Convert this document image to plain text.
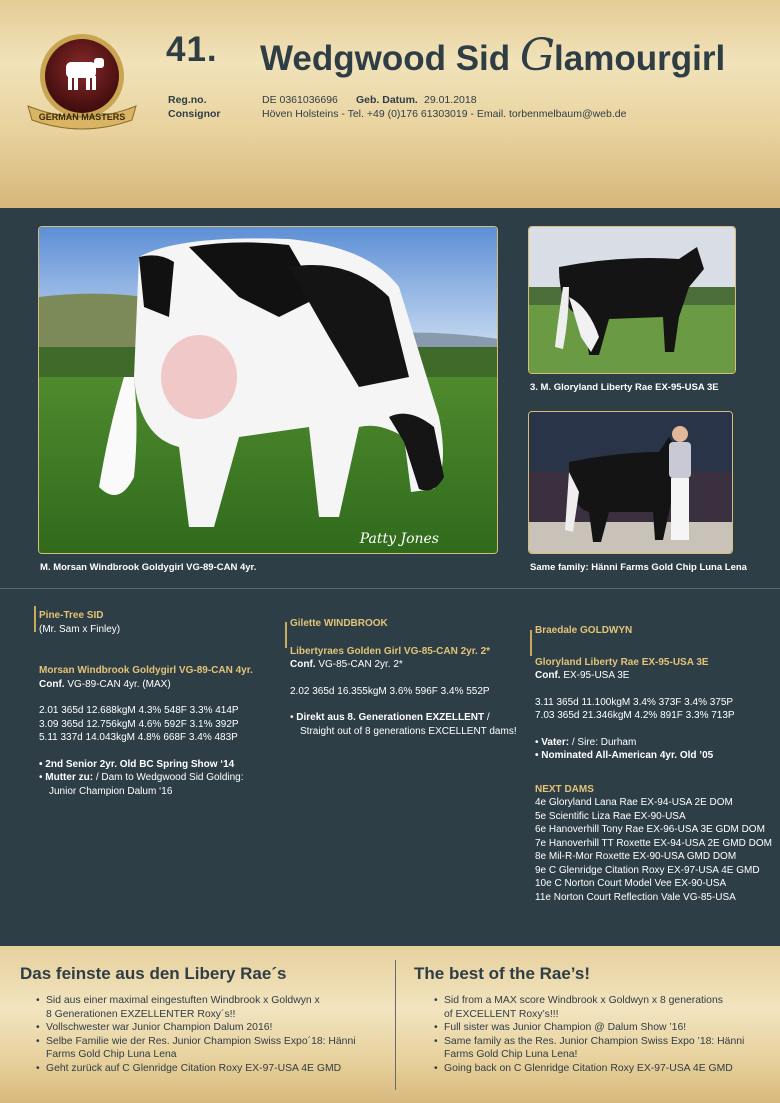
GERMAN MASTERS
41. Wedgwood Sid Glamourgirl
Reg.no.	DE 0361036696 Geb. Datum. 29.01.2018
Consignor	Höven Holsteins - Tel. +49 (0)176 61303019 - Email. torbenmelbaum@web.de
Patty Jones
M. Morsan Windbrook Goldygirl VG-89-CAN 4yr.
3. M. Gloryland Liberty Rae EX-95-USA 3E
Same family: Hänni Farms Gold Chip Luna Lena
Pine-Tree SID
(Mr. Sam x Finley)
Morsan Windbrook Goldygirl VG-89-CAN 4yr.
Conf. VG-89-CAN 4yr. (MAX)
2.01 365d 12.688kgM 4.3% 548F 3.3% 414P
3.09 365d 12.756kgM 4.6% 592F 3.1% 392P
5.11 337d 14.043kgM 4.8% 668F 3.4% 483P
• 2nd Senior 2yr. Old BC Spring Show ‘14
• Mutter zu: / Dam to Wedgwood Sid Golding:
Junior Champion Dalum ‘16
Gilette WINDBROOK
Libertyraes Golden Girl VG-85-CAN 2yr. 2*
Conf. VG-85-CAN 2yr. 2*
2.02 365d 16.355kgM 3.6% 596F 3.4% 552P
• Direkt aus 8. Generationen EXZELLENT /
Straight out of 8 generations EXCELLENT dams!
Braedale GOLDWYN
Gloryland Liberty Rae EX-95-USA 3E
Conf. EX-95-USA 3E
3.11 365d 11.100kgM 3.4% 373F 3.4% 375P
7.03 365d 21.346kgM 4.2% 891F 3.3% 713P
• Vater: / Sire: Durham
• Nominated All-American 4yr. Old ’05
NEXT DAMS
4e Gloryland Lana Rae EX-94-USA 2E DOM
5e Scientific Liza Rae EX-90-USA
6e Hanoverhill Tony Rae EX-96-USA 3E GDM DOM
7e Hanoverhill TT Roxette EX-94-USA 2E GMD DOM
8e Mil-R-Mor Roxette EX-90-USA GMD DOM
9e C Glenridge Citation Roxy EX-97-USA 4E GMD
10e C Norton Court Model Vee EX-90-USA
11e Norton Court Reflection Vale VG-85-USA
Das feinste aus den Libery Rae´s
• Sid aus einer maximal eingestuften Windbrook x Goldwyn x
8 Generationen EXZELLENTER Roxy´s!!
• Vollschwester war Junior Champion Dalum 2016!
• Selbe Familie wie der Res. Junior Champion Swiss Expo´18: Hänni
Farms Gold Chip Luna Lena
• Geht zurück auf C Glenridge Citation Roxy EX-97-USA 4E GMD
The best of the Rae’s!
• Sid from a MAX score Windbrook x Goldwyn x 8 generations
of EXCELLENT Roxy’s!!!
• Full sister was Junior Champion @ Dalum Show ’16!
• Same family as the Res. Junior Champion Swiss Expo ’18: Hänni
Farms Gold Chip Luna Lena!
• Going back on C Glenridge Citation Roxy EX-97-USA 4E GMD
